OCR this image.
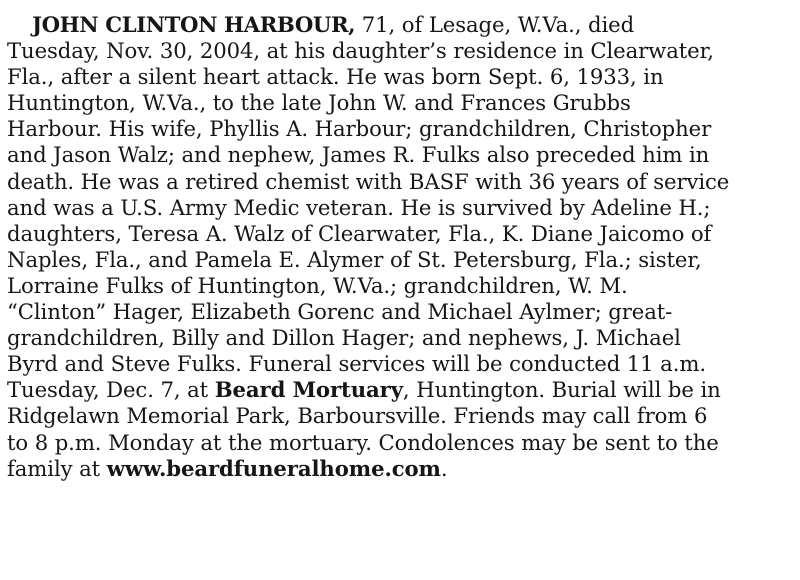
JOHN CLINTON HARBOUR, 71, of Lesage, W.Va., died
Tuesday, Nov. 30, 2004, at his daughter’s residence in Clearwater,
Fla., after a silent heart attack. He was born Sept. 6, 1933, in
Huntington, W.Va., to the late John W. and Frances Grubbs
Harbour. His wife, Phyllis A. Harbour; grandchildren, Christopher
and Jason Walz; and nephew, James R. Fulks also preceded him in
death. He was a retired chemist with BASF with 36 years of service
and was a U.S. Army Medic veteran. He is survived by Adeline H.;
daughters, Teresa A. Walz of Clearwater, Fla., K. Diane Jaicomo of
Naples, Fla., and Pamela E. Alymer of St. Petersburg, Fla.; sister,
Lorraine Fulks of Huntington, W.Va.; grandchildren, W. M.
“Clinton” Hager, Elizabeth Gorenc and Michael Aylmer; great-
grandchildren, Billy and Dillon Hager; and nephews, J. Michael
Byrd and Steve Fulks. Funeral services will be conducted 11 a.m.
Tuesday, Dec. 7, at Beard Mortuary, Huntington. Burial will be in
Ridgelawn Memorial Park, Barboursville. Friends may call from 6
to 8 p.m. Monday at the mortuary. Condolences may be sent to the
family at www.beardfuneralhome.com.
